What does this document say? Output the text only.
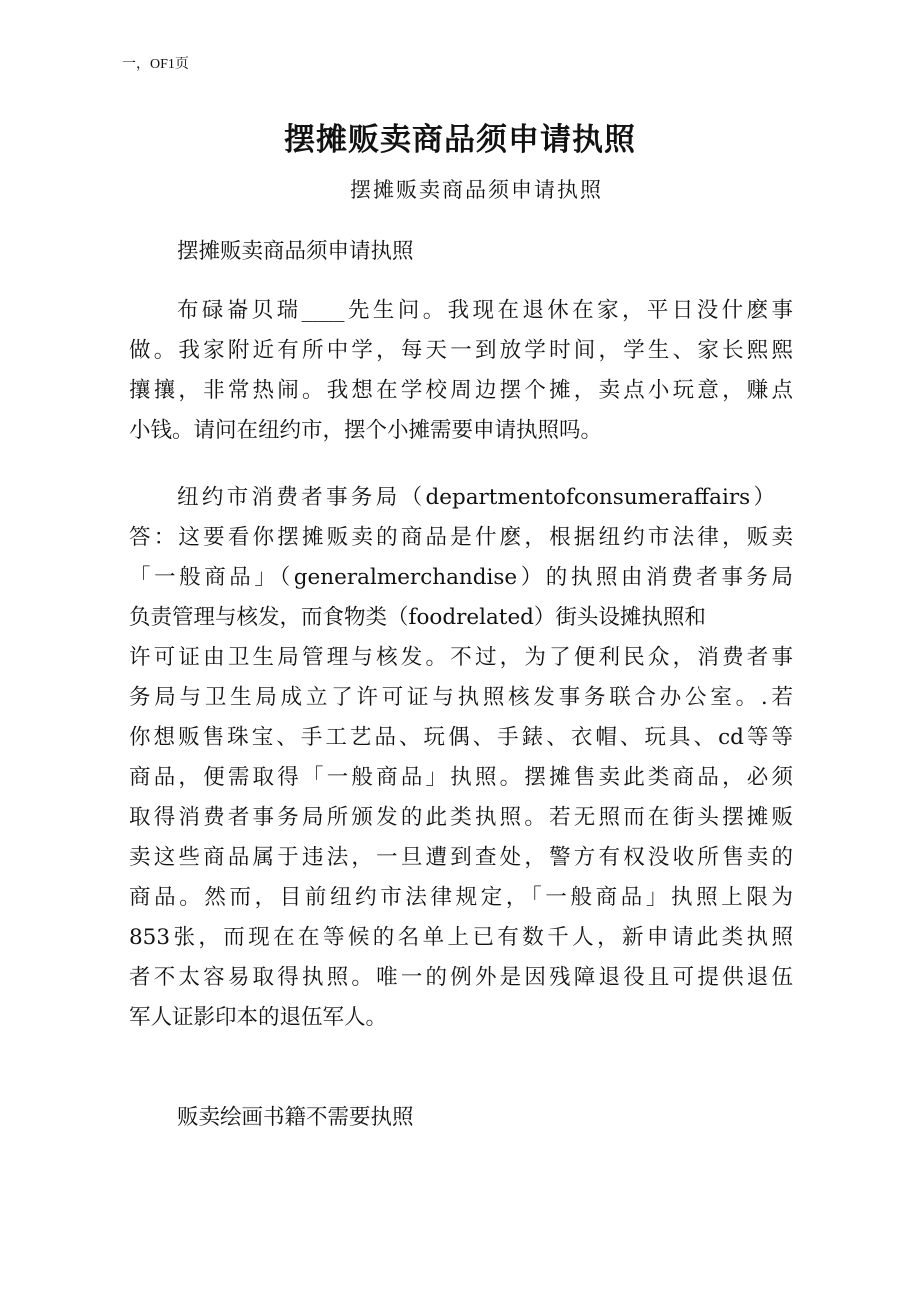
一，OF1页
摆摊贩卖商品须申请执照
摆摊贩卖商品须申请执照
摆摊贩卖商品须申请执照
布碌崙贝瑞____先生问。我现在退休在家，平日没什麽事
做。我家附近有所中学，每天一到放学时间，学生、家长熙熙
攘攘，非常热闹。我想在学校周边摆个摊，卖点小玩意，赚点
小钱。请问在纽约市，摆个小摊需要申请执照吗。
纽约市消费者事务局（departmentofconsumeraffairs）
答：这要看你摆摊贩卖的商品是什麽，根据纽约市法律，贩卖
「一般商品」（generalmerchandise）的执照由消费者事务局
负责管理与核发，而食物类（foodrelated）街头设摊执照和
许可证由卫生局管理与核发。不过，为了便利民众，消费者事
务局与卫生局成立了许可证与执照核发事务联合办公室。.若
你想贩售珠宝、手工艺品、玩偶、手錶、衣帽、玩具、cd等等
商品，便需取得「一般商品」执照。摆摊售卖此类商品，必须
取得消费者事务局所颁发的此类执照。若无照而在街头摆摊贩
卖这些商品属于违法，一旦遭到查处，警方有权没收所售卖的
商品。然而，目前纽约市法律规定，「一般商品」执照上限为
853张，而现在在等候的名单上已有数千人，新申请此类执照
者不太容易取得执照。唯一的例外是因残障退役且可提供退伍
军人证影印本的退伍军人。
贩卖绘画书籍不需要执照
